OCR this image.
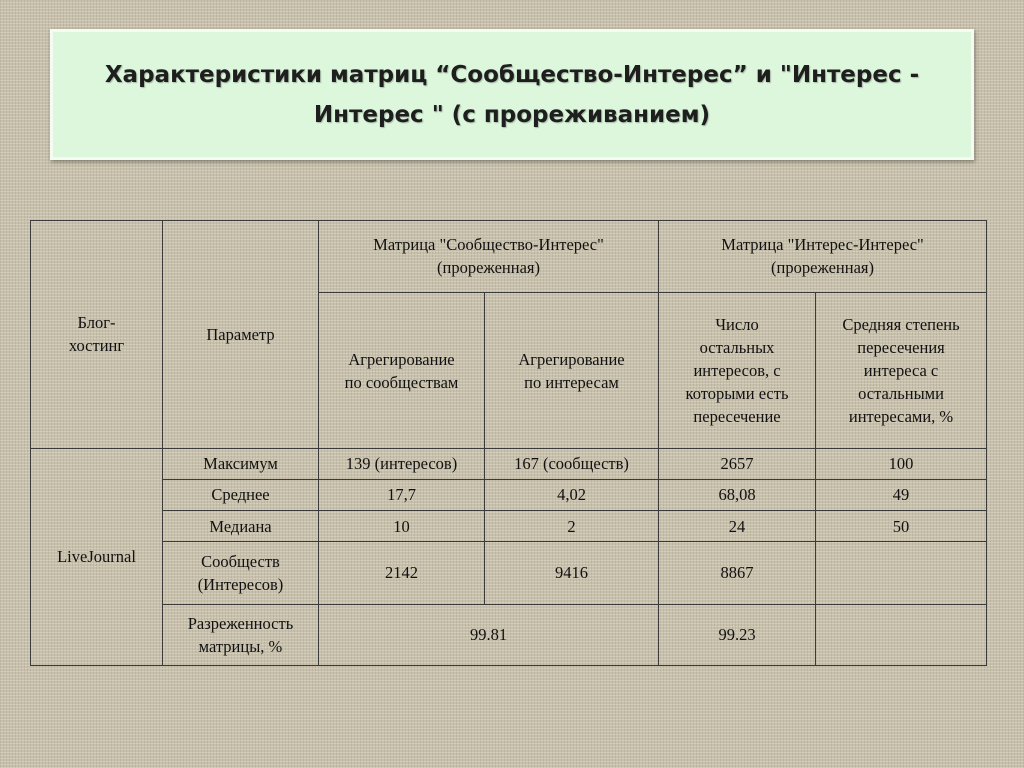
Характеристики матриц “Сообщество-Интерес” и "Интерес -
Интерес " (с прореживанием)
Блог-
хостинг	Параметр	Матрица "Сообщество-Интерес"
(прореженная)		Матрица "Интерес-Интерес"
(прореженная)	
		Агрегирование
по сообществам	Агрегирование
по интересам	Число
остальных
интересов, с
которыми есть
пересечение	Средняя степень
пересечения
интереса с
остальными
интересами, %
LiveJournal	Максимум	139 (интересов)	167 (сообществ)	2657	100
	Среднее	17,7	4,02	68,08	49
	Медиана	10	2	24	50
	Сообществ
(Интересов)	2142	9416	8867	
	Разреженность
матрицы, %	99.81		99.23	
